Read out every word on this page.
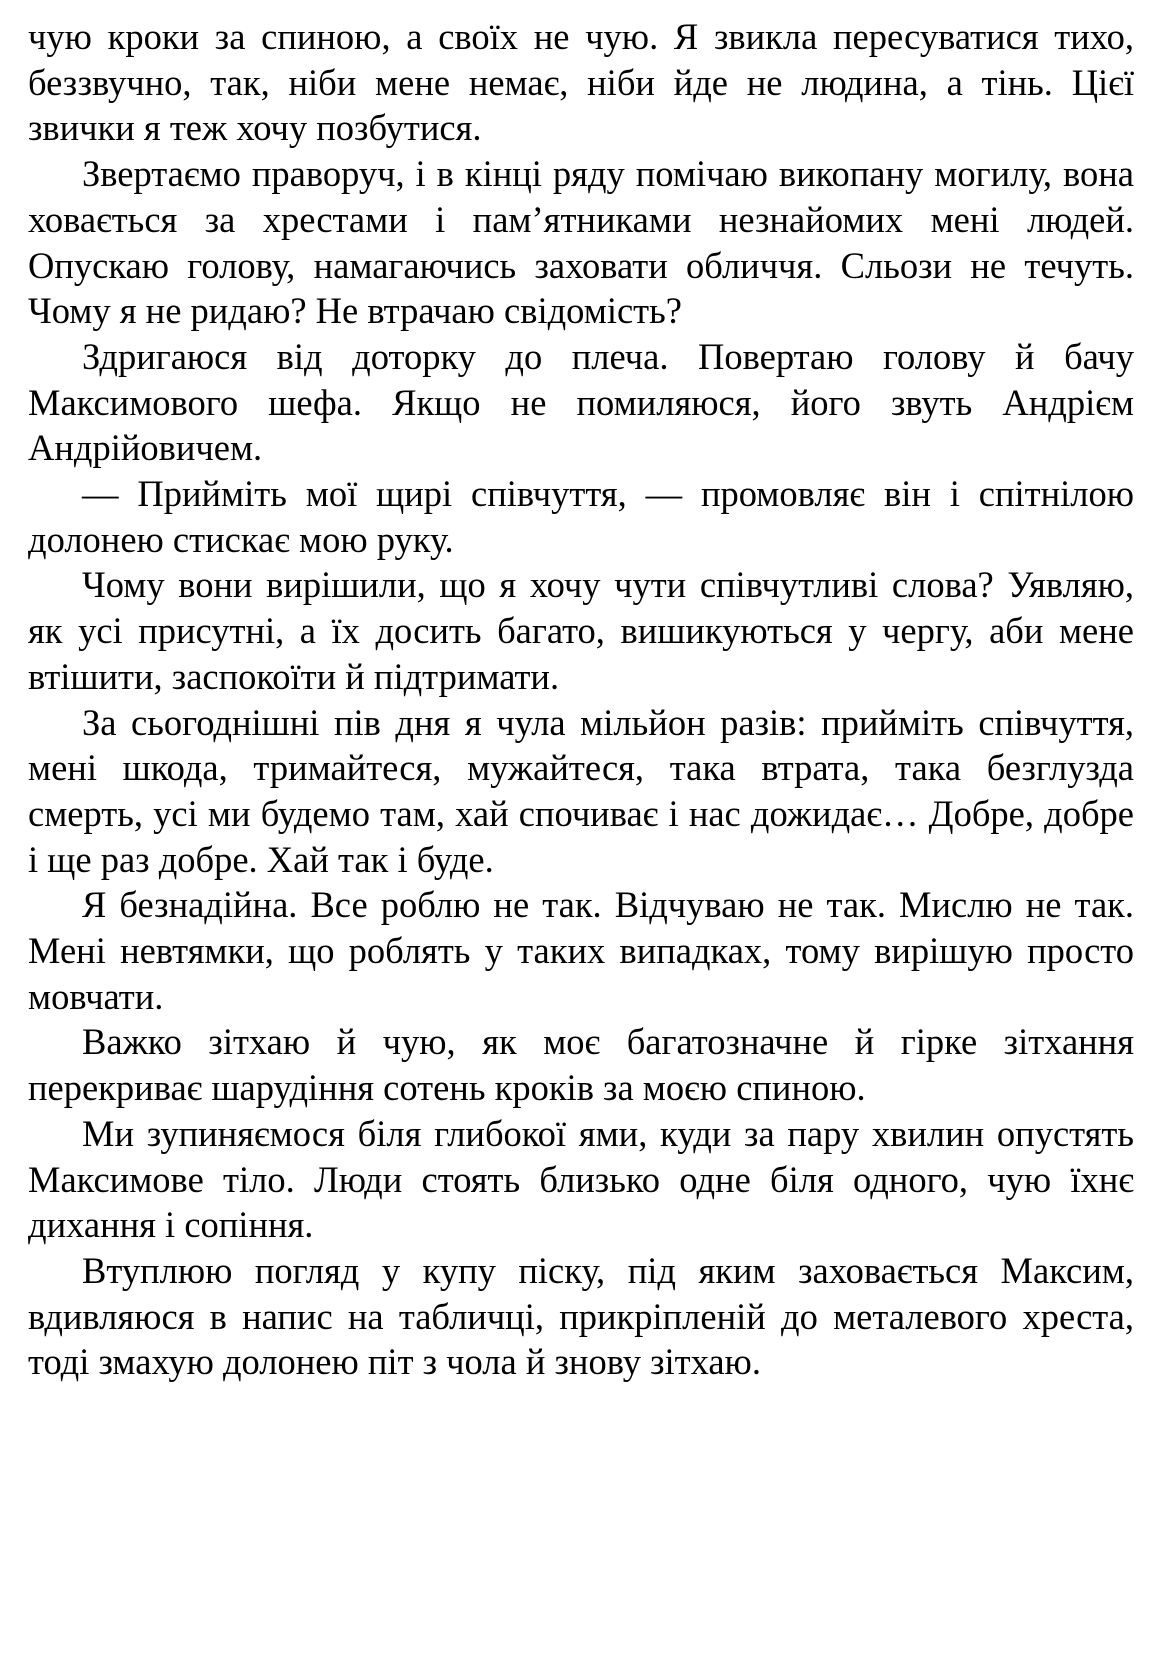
чую кроки за спиною, а своїх не чую. Я звикла пересуватися тихо, беззвучно, так, ніби мене немає, ніби йде не людина, а тінь. Цієї звички я теж хочу позбутися.

Звертаємо праворуч, і в кінці ряду помічаю викопану могилу, вона ховається за хрестами і пам’ятниками незнайомих мені людей. Опускаю голову, намагаючись заховати обличчя. Сльози не течуть. Чому я не ридаю? Не втрачаю свідомість?

Здригаюся від доторку до плеча. Повертаю голову й бачу Максимового шефа. Якщо не помиляюся, його звуть Андрієм Андрійовичем.

— Прийміть мої щирі співчуття, — промовляє він і спітнілою долонею стискає мою руку.

Чому вони вирішили, що я хочу чути співчутливі слова? Уявляю, як усі присутні, а їх досить багато, вишикуються у чергу, аби мене втішити, заспокоїти й підтримати.

За сьогоднішні пів дня я чула мільйон разів: прийміть співчуття, мені шкода, тримайтеся, мужайтеся, така втрата, така безглузда смерть, усі ми будемо там, хай спочиває і нас дожидає… Добре, добре і ще раз добре. Хай так і буде.

Я безнадійна. Все роблю не так. Відчуваю не так. Мислю не так. Мені невтямки, що роблять у таких випадках, тому вирішую просто мовчати.

Важко зітхаю й чую, як моє багатозначне й гірке зітхання перекриває шарудіння сотень кроків за моєю спиною.

Ми зупиняємося біля глибокої ями, куди за пару хвилин опустять Максимове тіло. Люди стоять близько одне біля одного, чую їхнє дихання і сопіння.

Втуплюю погляд у купу піску, під яким заховається Максим, вдивляюся в напис на табличці, прикріпленій до металевого хреста, тоді змахую долонею піт з чола й знову зітхаю.
